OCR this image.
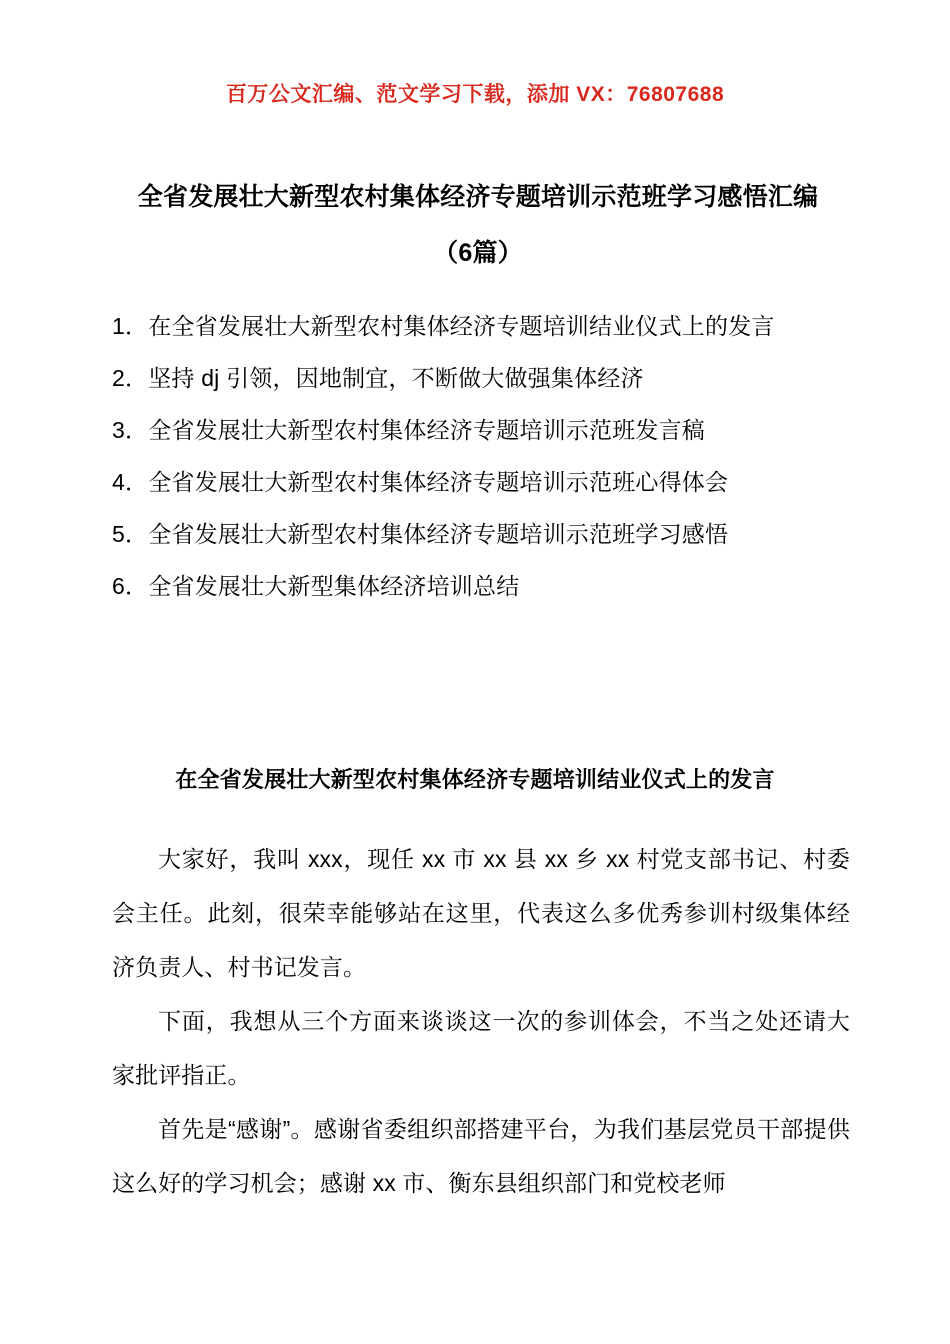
百万公文汇编、范文学习下载，添加 VX：76807688
全省发展壮大新型农村集体经济专题培训示范班学习感悟汇编（6篇）
1．在全省发展壮大新型农村集体经济专题培训结业仪式上的发言
2．坚持 dj 引领，因地制宜，不断做大做强集体经济
3．全省发展壮大新型农村集体经济专题培训示范班发言稿
4．全省发展壮大新型农村集体经济专题培训示范班心得体会
5．全省发展壮大新型农村集体经济专题培训示范班学习感悟
6．全省发展壮大新型集体经济培训总结
在全省发展壮大新型农村集体经济专题培训结业仪式上的发言

大家好，我叫 xxx，现任 xx 市 xx 县 xx 乡 xx 村党支部书记、村委会主任。此刻，很荣幸能够站在这里，代表这么多优秀参训村级集体经济负责人、村书记发言。

下面，我想从三个方面来谈谈这一次的参训体会，不当之处还请大家批评指正。

首先是“感谢”。感谢省委组织部搭建平台，为我们基层党员干部提供这么好的学习机会；感谢 xx 市、衡东县组织部门和党校老师
